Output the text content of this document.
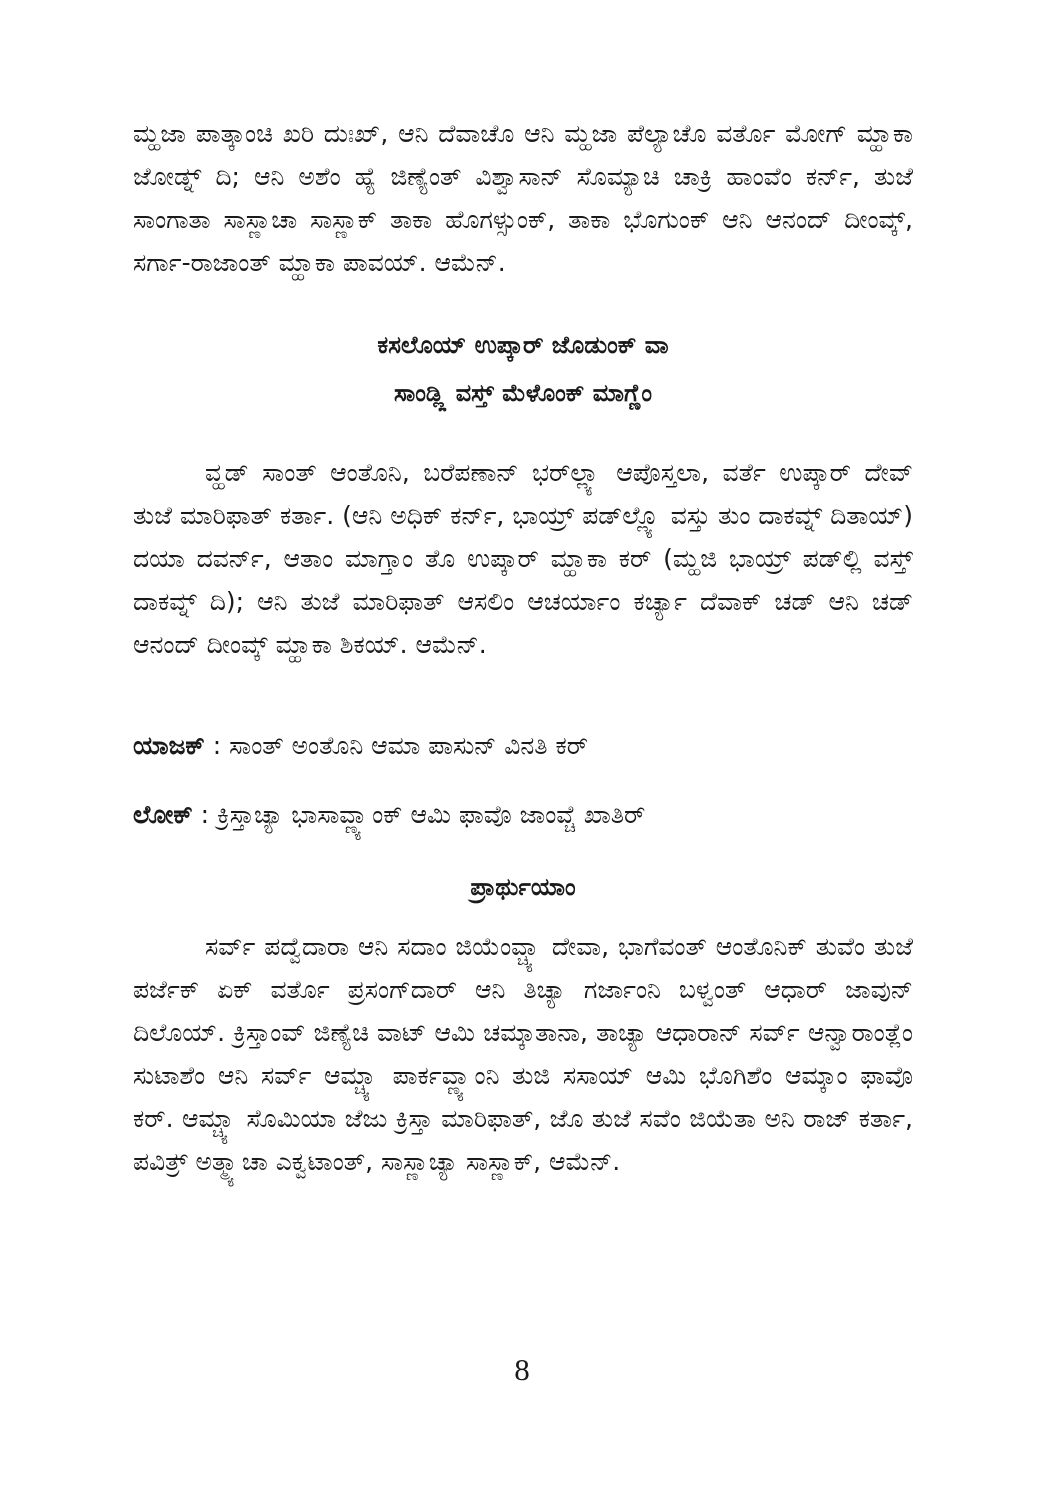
ಮ್ಹಜಾ ಪಾತ್ಕಾಂಚಿ ಖರಿ ದುಃಖ್, ಆನಿ ದೆವಾಚೊ ಆನಿ ಮ್ಹಜಾ ಪೆಲ್ಯಾಚೊ ವರ್ತೊ ಮೋಗ್ ಮ್ಹಾಕಾ ಜೋಡ್ನ್ ದಿ; ಆನಿ ಅಶೆಂ ಹ್ಯೆ ಜಿಣ್ಯೆಂತ್ ವಿಶ್ವಾಸಾನ್ ಸೊಮ್ಯಾಚಿ ಚಾಕ್ರಿ ಹಾಂವೆಂ ಕರ್ನ್, ತುಜೆ ಸಾಂಗಾತಾ ಸಾಸ್ಣಾಚಾ ಸಾಸ್ಣಾಕ್ ತಾಕಾ ಹೊಗಳ್ಸುಂಕ್, ತಾಕಾ ಭೊಗುಂಕ್ ಆನಿ ಆನಂದ್ ದೀಂವ್ಕ್, ಸರ್ಗಾ-ರಾಜಾಂತ್ ಮ್ಹಾಕಾ ಪಾವಯ್. ಆಮೆನ್.

ಕಸಲೊಯ್ ಉಪ್ಕಾರ್ ಜೊಡುಂಕ್ ವಾ

ಸಾಂಡ್ಲ್ಲಿ ವಸ್ತ್ ಮೆಳೊಂಕ್ ಮಾಗ್ಣೆಂ

ವ್ಹಡ್ ಸಾಂತ್ ಆಂತೊನಿ, ಬರೆಪಣಾನ್ ಭರ್‌ಲ್ಲ್ಯಾ ಆಪೊಸ್ತಲಾ, ವರ್ತೆ ಉಪ್ಕಾರ್ ದೇವ್ ತುಜೆ ಮಾರಿಫಾತ್ ಕರ್ತಾ. (ಆನಿ ಅಧಿಕ್ ಕರ್ನ್, ಭಾಯ್ರ್ ಪಡ್‌ಲ್ಲ್ಯೊ ವಸ್ತು ತುಂ ದಾಕವ್ನ್ ದಿತಾಯ್) ದಯಾ ದವರ್ನ್, ಆತಾಂ ಮಾಗ್ತಾಂ ತೊ ಉಪ್ಕಾರ್ ಮ್ಹಾಕಾ ಕರ್ (ಮ್ಹಜಿ ಭಾಯ್ರ್ ಪಡ್‌ಲ್ಲಿ ವಸ್ತ್ ದಾಕವ್ನ್ ದಿ); ಆನಿ ತುಜೆ ಮಾರಿಫಾತ್ ಆಸಲಿಂ ಆಚರ್ಯಾಂ ಕರ್ಚ್ಯಾ ದೆವಾಕ್ ಚಡ್ ಆನಿ ಚಡ್ ಆನಂದ್ ದೀಂವ್ಕ್ ಮ್ಹಾಕಾ ಶಿಕಯ್. ಆಮೆನ್.

ಯಾಜಕ್ : ಸಾಂತ್ ಅಂತೊನಿ ಆಮಾ ಪಾಸುನ್ ವಿನತಿ ಕರ್

ಲೋಕ್ : ಕ್ರಿಸ್ತಾಚ್ಯಾ ಭಾಸಾವ್ಣ್ಯಾಂಕ್ ಆಮಿ ಫಾವೊ ಜಾಂವ್ಚೆ ಖಾತಿರ್

ಪ್ರಾರ್ಥುಯಾಂ

ಸರ್ವ್ ಪದ್ವೆದಾರಾ ಆನಿ ಸದಾಂ ಜಿಯೆಂವ್ಚ್ಯಾ ದೇವಾ, ಭಾಗೆವಂತ್ ಆಂತೊನಿಕ್ ತುವೆಂ ತುಜೆ ಪರ್ಜೆಕ್ ಏಕ್ ವರ್ತೊ ಪ್ರಸಂಗ್‌ದಾರ್ ಆನಿ ತಿಚ್ಯಾ ಗರ್ಜಾಂನಿ ಬಳ್ವಂತ್ ಆಧಾರ್ ಜಾವುನ್ ದಿಲೊಯ್. ಕ್ರಿಸ್ತಾಂವ್ ಜಿಣ್ಯೆಚಿ ವಾಟ್ ಆಮಿ ಚಮ್ಕಾತಾನಾ, ತಾಚ್ಯಾ ಆಧಾರಾನ್ ಸರ್ವ್ ಆನ್ವಾರಾಂತ್ಲೆಂ ಸುಟಾಶೆಂ ಆನಿ ಸರ್ವ್ ಆಮ್ಚ್ಯಾ ಪಾರ್ಕವ್ಣ್ಯಾಂನಿ ತುಜಿ ಸಸಾಯ್ ಆಮಿ ಭೊಗಿಶೆಂ ಆಮ್ಕಾಂ ಫಾವೊ ಕರ್. ಆಮ್ಚ್ಯಾ ಸೊಮಿಯಾ ಜೆಜು ಕ್ರಿಸ್ತಾ ಮಾರಿಫಾತ್, ಜೊ ತುಜೆ ಸವೆಂ ಜಿಯೆತಾ ಅನಿ ರಾಜ್ ಕರ್ತಾ, ಪವಿತ್ರ್ ಅತ್ಮ್ಯಾಚಾ ಎಕ್ವಟಾಂತ್, ಸಾಸ್ಣಾಚ್ಯಾ ಸಾಸ್ಣಾಕ್, ಆಮೆನ್.

8
